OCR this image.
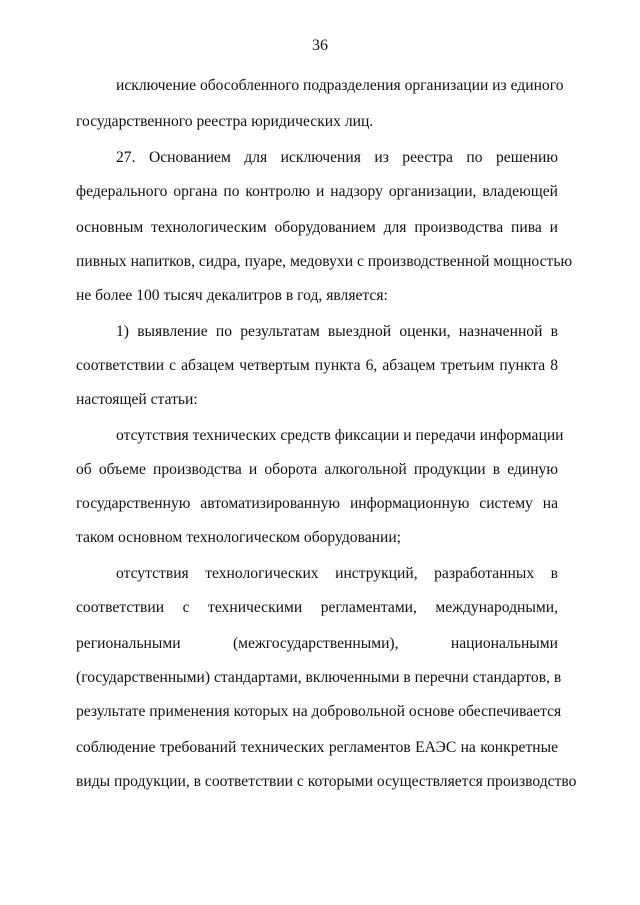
36
исключение обособленного подразделения организации из единого
государственного реестра юридических лиц.
27. Основанием для исключения из реестра по решению
федерального органа по контролю и надзору организации, владеющей
основным технологическим оборудованием для производства пива и
пивных напитков, сидра, пуаре, медовухи с производственной мощностью
не более 100 тысяч декалитров в год, является:
1) выявление по результатам выездной оценки, назначенной в
соответствии с абзацем четвертым пункта 6, абзацем третьим пункта 8
настоящей статьи:
отсутствия технических средств фиксации и передачи информации
об объеме производства и оборота алкогольной продукции в единую
государственную автоматизированную информационную систему на
таком основном технологическом оборудовании;
отсутствия технологических инструкций, разработанных в
соответствии с техническими регламентами, международными,
региональными (межгосударственными), национальными
(государственными) стандартами, включенными в перечни стандартов, в
результате применения которых на добровольной основе обеспечивается
соблюдение требований технических регламентов ЕАЭС на конкретные
виды продукции, в соответствии с которыми осуществляется производство
